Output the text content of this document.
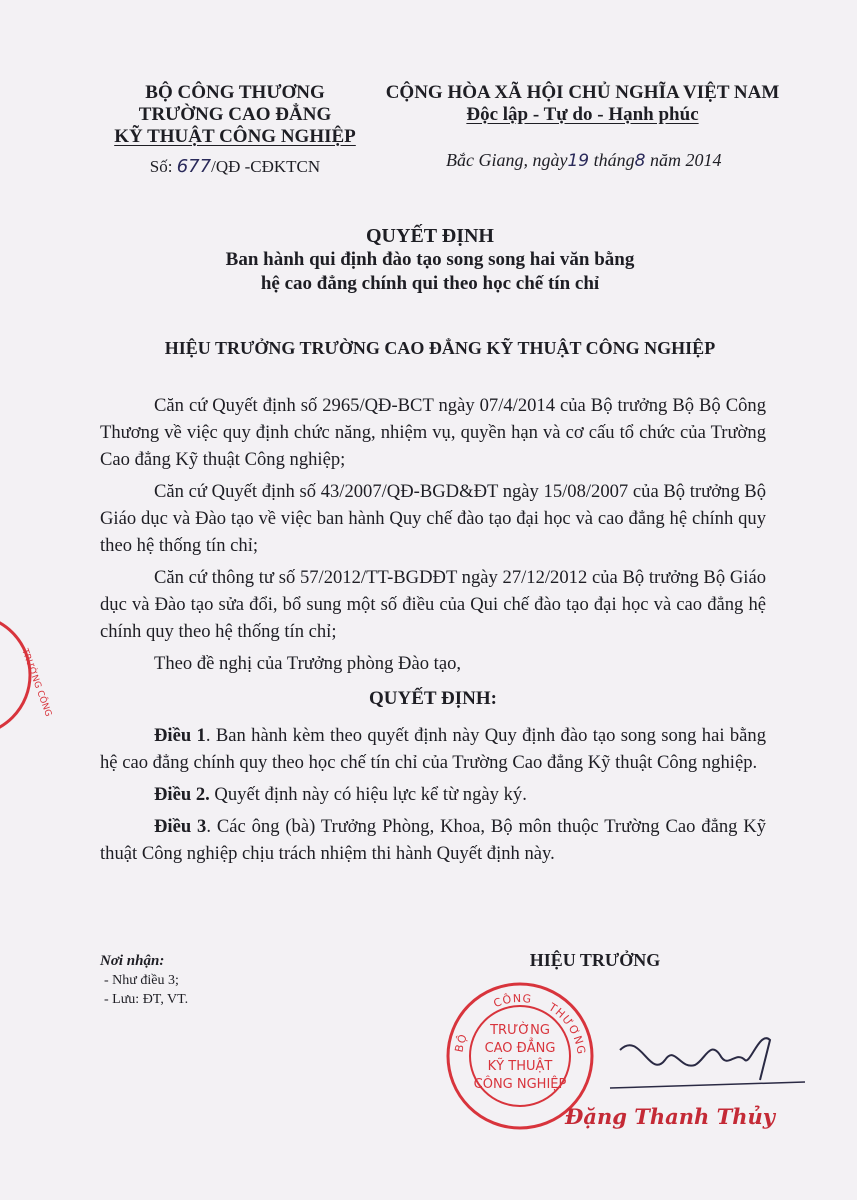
BỘ CÔNG THƯƠNG
TRƯỜNG CAO ĐẲNG
KỸ THUẬT CÔNG NGHIỆP
Số: 677/QĐ -CĐKTCN
CỘNG HÒA XÃ HỘI CHỦ NGHĨA VIỆT NAM
Độc lập - Tự do - Hạnh phúc
Bắc Giang, ngày19 tháng8 năm 2014
QUYẾT ĐỊNH
Ban hành qui định đào tạo song song hai văn bằng
hệ cao đẳng chính qui theo học chế tín chỉ
HIỆU TRƯỞNG TRƯỜNG CAO ĐẲNG KỸ THUẬT CÔNG NGHIỆP

Căn cứ Quyết định số 2965/QĐ-BCT ngày 07/4/2014 của Bộ trưởng Bộ Bộ Công Thương về việc quy định chức năng, nhiệm vụ, quyền hạn và cơ cấu tổ chức của Trường Cao đẳng Kỹ thuật Công nghiệp;

Căn cứ Quyết định số 43/2007/QĐ-BGD&ĐT ngày 15/08/2007 của Bộ trưởng Bộ Giáo dục và Đào tạo về việc ban hành Quy chế đào tạo đại học và cao đẳng hệ chính quy theo hệ thống tín chỉ;

Căn cứ thông tư số 57/2012/TT-BGDĐT ngày 27/12/2012 của Bộ trưởng Bộ Giáo dục và Đào tạo sửa đổi, bổ sung một số điều của Qui chế đào tạo đại học và cao đẳng hệ chính quy theo hệ thống tín chỉ;

Theo đề nghị của Trưởng phòng Đào tạo,

QUYẾT ĐỊNH:

Điều 1. Ban hành kèm theo quyết định này Quy định đào tạo song song hai bằng hệ cao đẳng chính quy theo học chế tín chỉ của Trường Cao đẳng Kỹ thuật Công nghiệp.

Điều 2. Quyết định này có hiệu lực kể từ ngày ký.

Điều 3. Các ông (bà) Trưởng Phòng, Khoa, Bộ môn thuộc Trường Cao đẳng Kỹ thuật Công nghiệp chịu trách nhiệm thi hành Quyết định này.

Nơi nhận:
- Như điều 3;
- Lưu: ĐT, VT.
HIỆU TRƯỞNG
BỘ
CÔNG
THƯƠNG
TRƯỜNG
CAO ĐẲNG
KỸ THUẬT
CÔNG NGHIỆP
Đặng Thanh Thủy
TRƯỜNG CÔNG
